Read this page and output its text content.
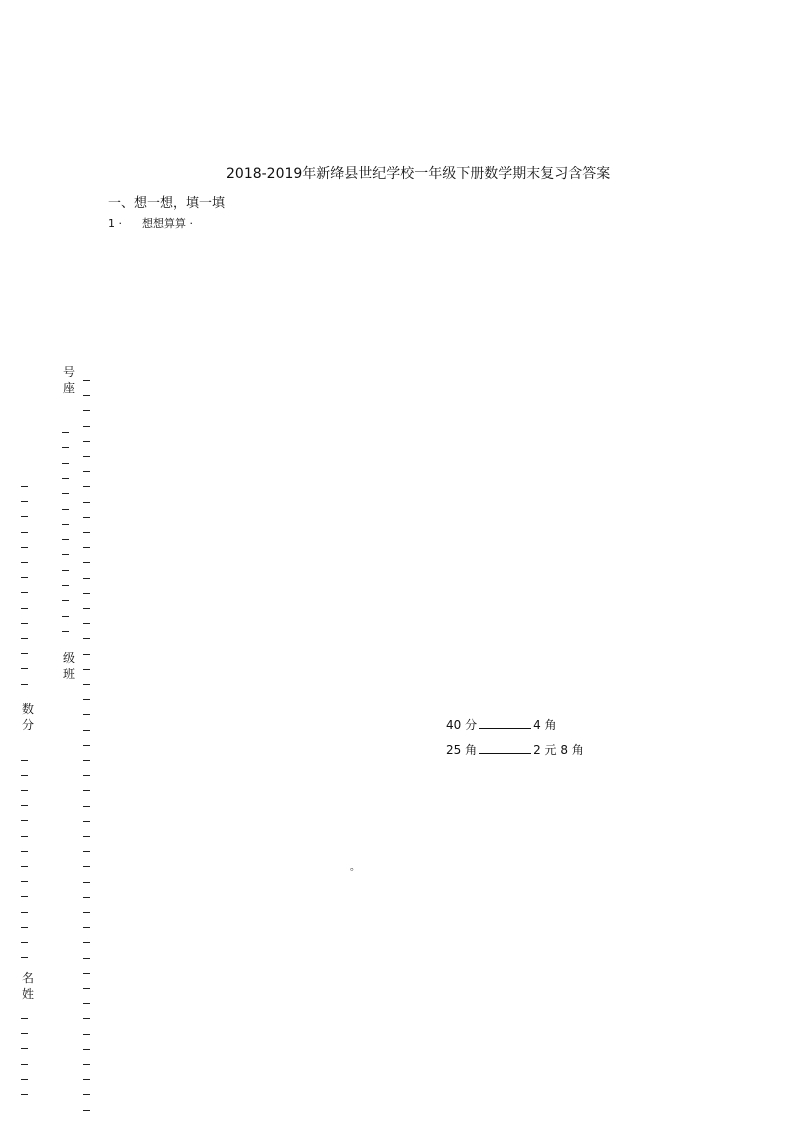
2018-2019年新绛县世纪学校一年级下册数学期末复习含答案
一、想一想，填一填
1 · 想想算算 ·
号 座
级 班
数 分
名 姓
40 分	4 角
25 角	2 元 8 角
。
